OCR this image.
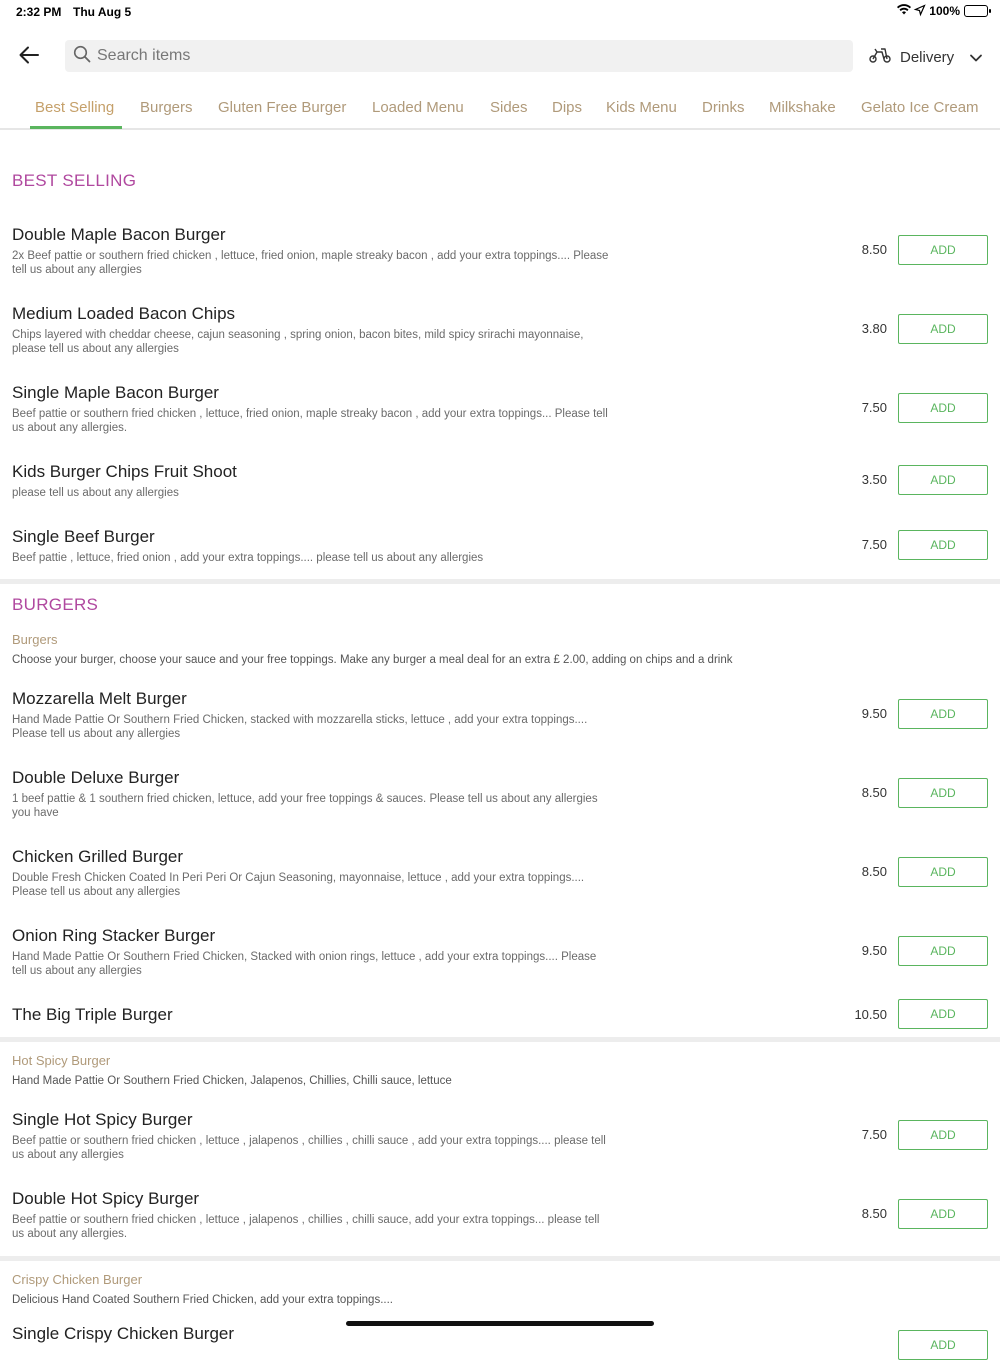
2:32 PM Thu Aug 5	100%
Search items
Delivery
Best Selling Burgers Gluten Free Burger Loaded Menu Sides Dips Kids Menu Drinks Milkshake Gelato Ice Cream
BEST SELLING
Double Maple Bacon Burger
2x Beef pattie or southern fried chicken , lettuce, fried onion, maple streaky bacon , add your extra toppings.... Please tell us about any allergies
8.50	ADD
Medium Loaded Bacon Chips
Chips layered with cheddar cheese, cajun seasoning , spring onion, bacon bites, mild spicy srirachi mayonnaise, please tell us about any allergies
3.80	ADD
Single Maple Bacon Burger
Beef pattie or southern fried chicken , lettuce, fried onion, maple streaky bacon , add your extra toppings... Please tell us about any allergies.
7.50	ADD
Kids Burger Chips Fruit Shoot
please tell us about any allergies
3.50	ADD
Single Beef Burger
Beef pattie , lettuce, fried onion , add your extra toppings.... please tell us about any allergies
7.50	ADD
BURGERS
Burgers
Choose your burger, choose your sauce and your free toppings. Make any burger a meal deal for an extra £ 2.00, adding on chips and a drink
Mozzarella Melt Burger
Hand Made Pattie Or Southern Fried Chicken, stacked with mozzarella sticks, lettuce , add your extra toppings.... Please tell us about any allergies
9.50	ADD
Double Deluxe Burger
1 beef pattie & 1 southern fried chicken, lettuce, add your free toppings & sauces. Please tell us about any allergies you have
8.50	ADD
Chicken Grilled Burger
Double Fresh Chicken Coated In Peri Peri Or Cajun Seasoning, mayonnaise, lettuce , add your extra toppings.... Please tell us about any allergies
8.50	ADD
Onion Ring Stacker Burger
Hand Made Pattie Or Southern Fried Chicken, Stacked with onion rings, lettuce , add your extra toppings.... Please tell us about any allergies
9.50	ADD
The Big Triple Burger	10.50	ADD
Hot Spicy Burger
Hand Made Pattie Or Southern Fried Chicken, Jalapenos, Chillies, Chilli sauce, lettuce
Single Hot Spicy Burger
Beef pattie or southern fried chicken , lettuce , jalapenos , chillies , chilli sauce , add your extra toppings.... please tell us about any allergies
7.50	ADD
Double Hot Spicy Burger
Beef pattie or southern fried chicken , lettuce , jalapenos , chillies , chilli sauce, add your extra toppings... please tell us about any allergies.
8.50	ADD
Crispy Chicken Burger
Delicious Hand Coated Southern Fried Chicken, add your extra toppings....
Single Crispy Chicken Burger
ADD
